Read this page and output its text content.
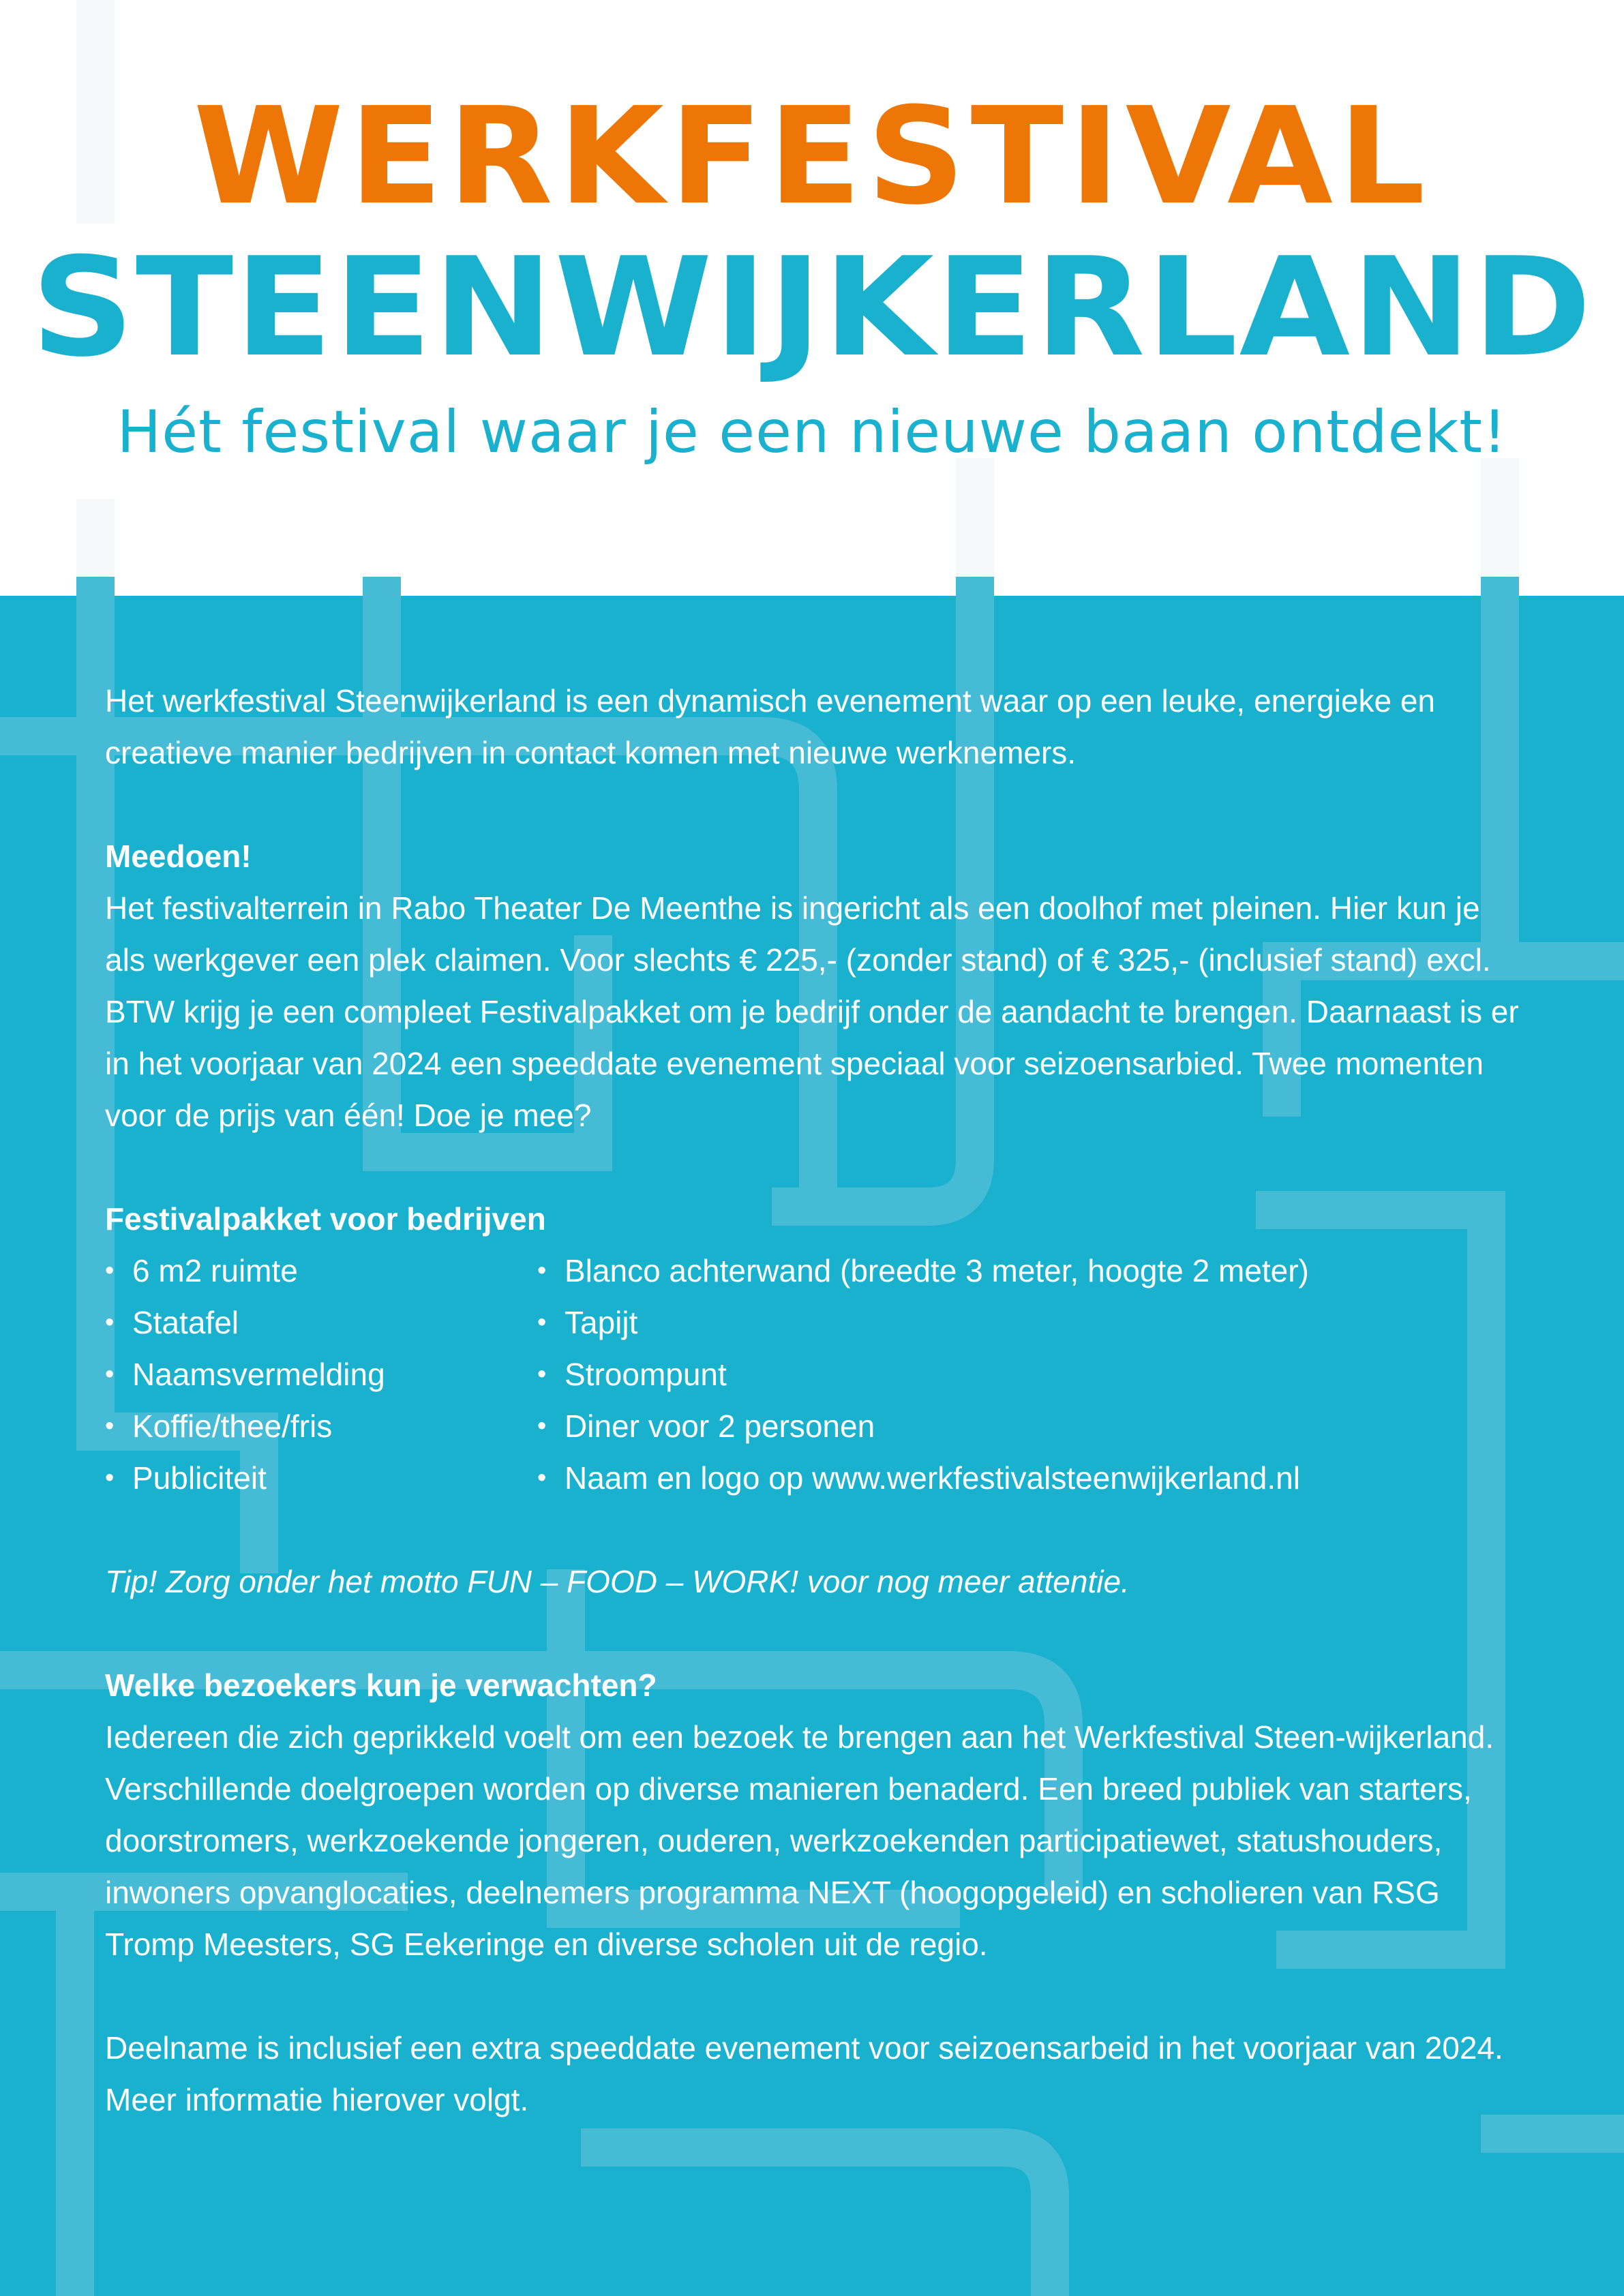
WERKFESTIVAL
STEENWIJKERLAND
Hét festival waar je een nieuwe baan ontdekt!

Het werkfestival Steenwijkerland is een dynamisch evenement waar op een leuke, energieke en creatieve manier bedrijven in contact komen met nieuwe werknemers.

Meedoen!

Het festivalterrein in Rabo Theater De Meenthe is ingericht als een doolhof met pleinen. Hier kun je als werkgever een plek claimen. Voor slechts € 225,- (zonder stand) of € 325,- (inclusief stand) excl. BTW krijg je een compleet Festivalpakket om je bedrijf onder de aandacht te brengen. Daarnaast is er in het voorjaar van 2024 een speeddate evenement speciaal voor seizoensarbied. Twee momenten voor de prijs van één! Doe je mee?

Festivalpakket voor bedrijven

• 6 m2 ruimte
• Statafel
• Naamsvermelding
• Koffie/thee/fris
• Publiciteit
• Blanco achterwand (breedte 3 meter, hoogte 2 meter)
• Tapijt
• Stroompunt
• Diner voor 2 personen
• Naam en logo op www.werkfestivalsteenwijkerland.nl

Tip! Zorg onder het motto FUN – FOOD – WORK! voor nog meer attentie.

Welke bezoekers kun je verwachten?

Iedereen die zich geprikkeld voelt om een bezoek te brengen aan het Werkfestival Steen-wijkerland. Verschillende doelgroepen worden op diverse manieren benaderd. Een breed publiek van starters, doorstromers, werkzoekende jongeren, ouderen, werkzoekenden participatiewet, statushouders, inwoners opvanglocaties, deelnemers programma NEXT (hoogopgeleid) en scholieren van RSG Tromp Meesters, SG Eekeringe en diverse scholen uit de regio.

Deelname is inclusief een extra speeddate evenement voor seizoensarbeid in het voorjaar van 2024. Meer informatie hierover volgt.
